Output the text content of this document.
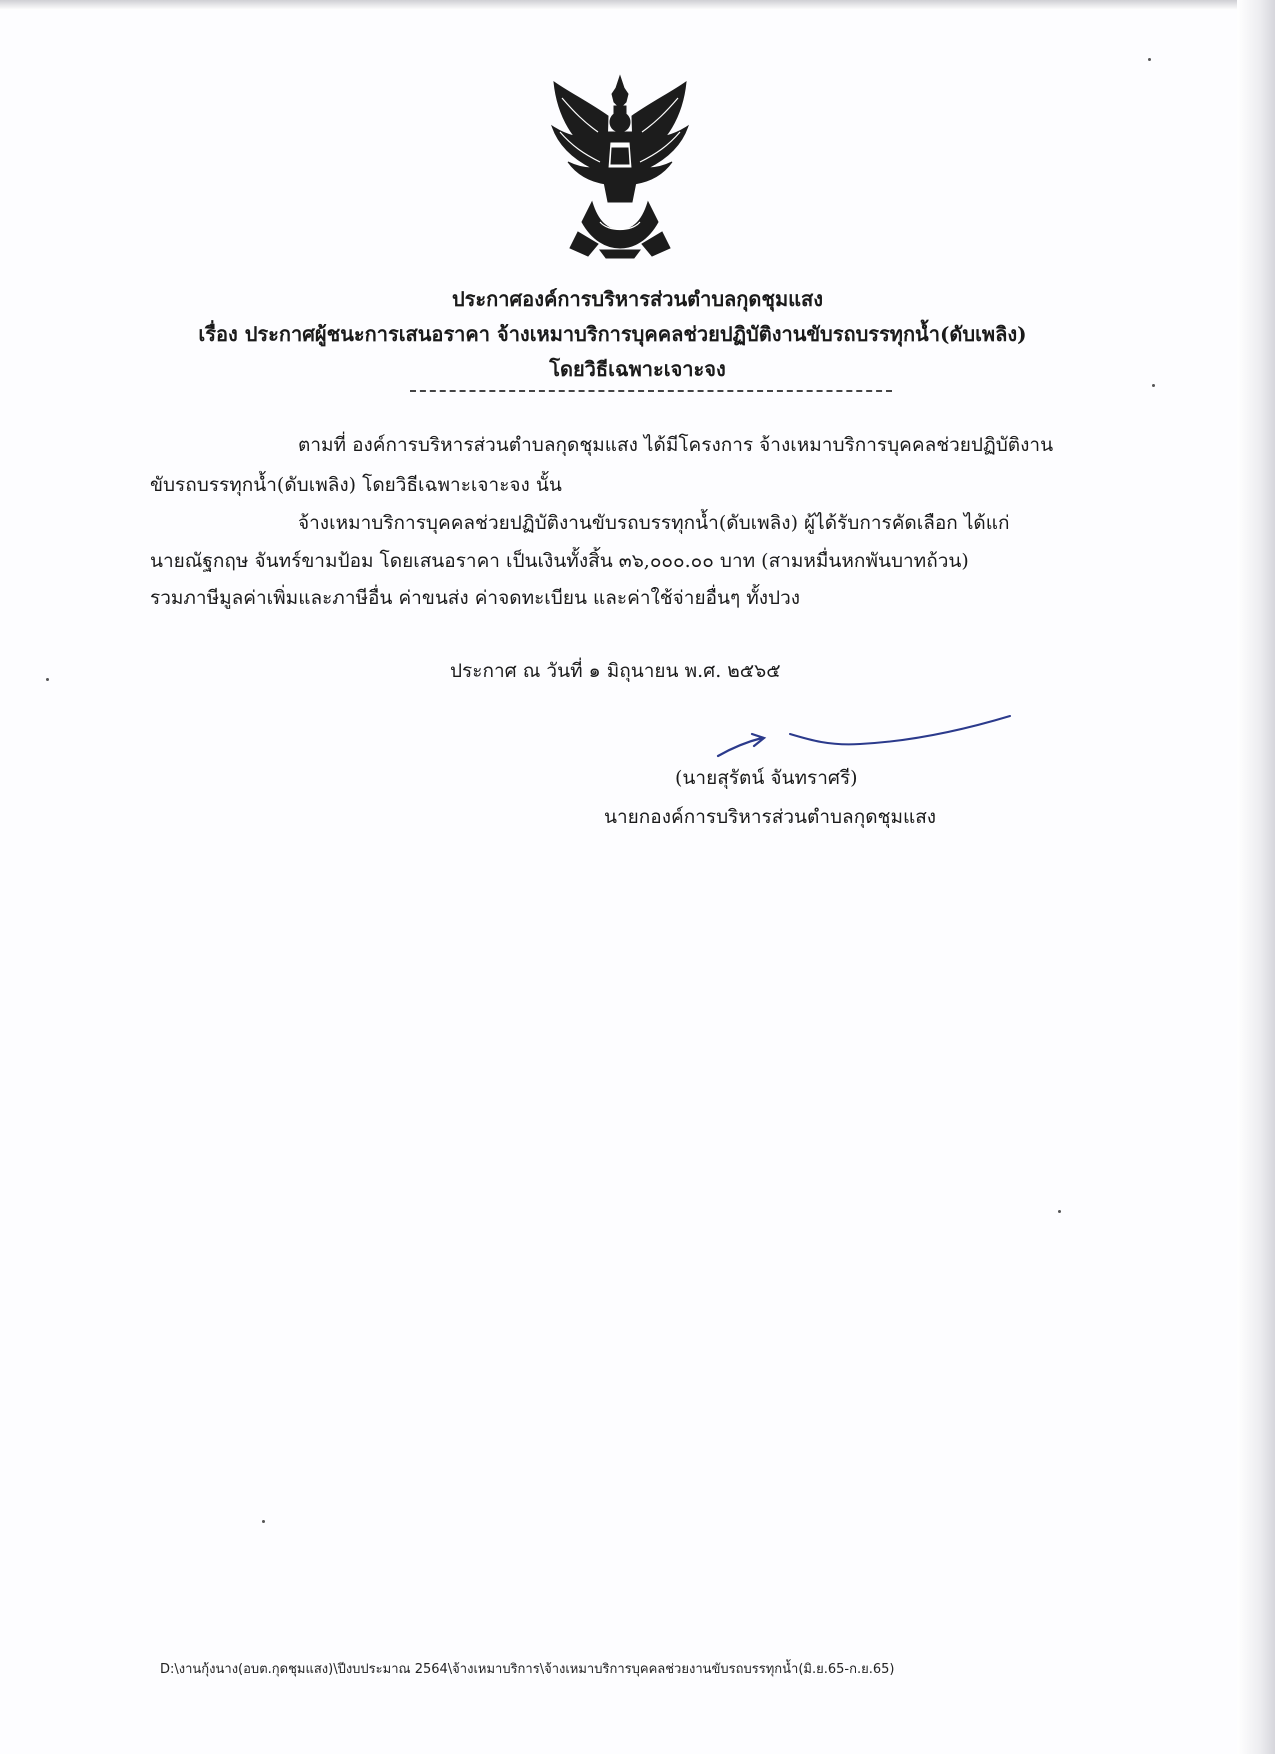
ประกาศองค์การบริหารส่วนตำบลกุดชุมแสง
เรื่อง ประกาศผู้ชนะการเสนอราคา จ้างเหมาบริการบุคคลช่วยปฏิบัติงานขับรถบรรทุกน้ำ(ดับเพลิง)
โดยวิธีเฉพาะเจาะจง
ตามที่ องค์การบริหารส่วนตำบลกุดชุมแสง ได้มีโครงการ จ้างเหมาบริการบุคคลช่วยปฏิบัติงาน
ขับรถบรรทุกน้ำ(ดับเพลิง) โดยวิธีเฉพาะเจาะจง นั้น
จ้างเหมาบริการบุคคลช่วยปฏิบัติงานขับรถบรรทุกน้ำ(ดับเพลิง) ผู้ได้รับการคัดเลือก ได้แก่
นายณัฐกฤษ จันทร์ขามป้อม โดยเสนอราคา เป็นเงินทั้งสิ้น ๓๖,๐๐๐.๐๐ บาท (สามหมื่นหกพันบาทถ้วน)
รวมภาษีมูลค่าเพิ่มและภาษีอื่น ค่าขนส่ง ค่าจดทะเบียน และค่าใช้จ่ายอื่นๆ ทั้งปวง
ประกาศ ณ วันที่ ๑ มิถุนายน พ.ศ. ๒๕๖๕
(นายสุรัตน์ จันทราศรี)
นายกองค์การบริหารส่วนตำบลกุดชุมแสง
D:\งานกุ้งนาง(อบต.กุดชุมแสง)\ปีงบประมาณ 2564\จ้างเหมาบริการ\จ้างเหมาบริการบุคคลช่วยงานขับรถบรรทุกน้ำ(มิ.ย.65-ก.ย.65)
